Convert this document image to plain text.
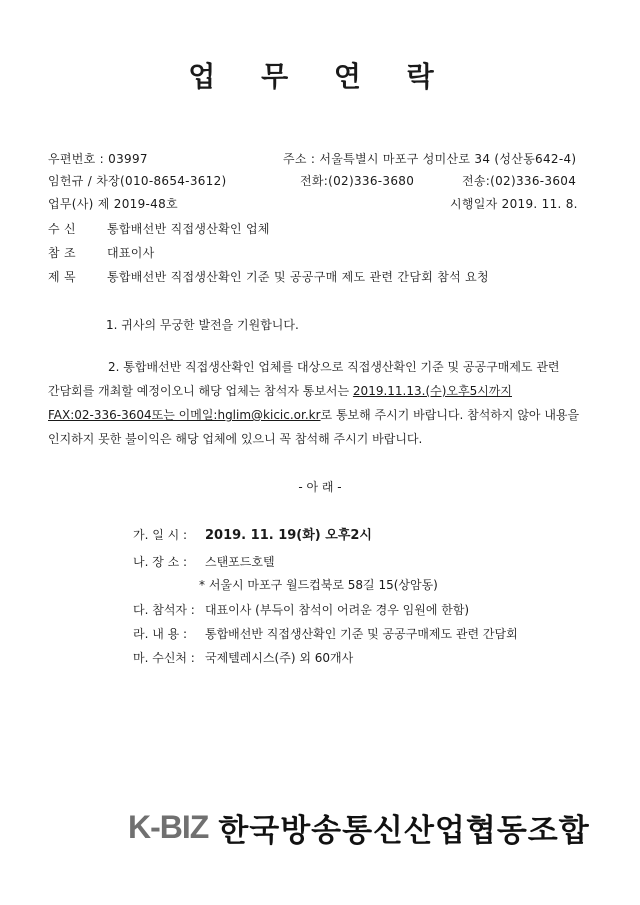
업 무 연 락
우편번호 : 03997	주소 : 서울특별시 마포구 성미산로 34 (성산동642-4)
임헌규 / 차장(010-8654-3612)	전화:(02)336-3680	전송:(02)336-3604
업무(사) 제 2019-48호	시행일자 2019. 11. 8.
수 신	통합배선반 직접생산확인 업체
참 조	대표이사
제 목	통합배선반 직접생산확인 기준 및 공공구매 제도 관련 간담회 참석 요청
1. 귀사의 무궁한 발전을 기원합니다.
2. 통합배선반 직접생산확인 업체를 대상으로 직접생산확인 기준 및 공공구매제도 관련
간담회를 개최할 예정이오니 해당 업체는 참석자 통보서는 2019.11.13.(수)오후5시까지
FAX:02-336-3604또는 이메일:hglim@kicic.or.kr로 통보해 주시기 바랍니다. 참석하지 않아 내용을
인지하지 못한 불이익은 해당 업체에 있으니 꼭 참석해 주시기 바랍니다.
- 아 래 -
가. 일 시 : 2019. 11. 19(화) 오후2시
나. 장 소 : 스탠포드호텔
* 서울시 마포구 월드컵북로 58길 15(상암동)
다. 참석자 : 대표이사 (부득이 참석이 어려운 경우 임원에 한함)
라. 내 용 : 통합배선반 직접생산확인 기준 및 공공구매제도 관련 간담회
마. 수신처 : 국제텔레시스(주) 외 60개사
K-BIZ 한국방송통신산업협동조합
